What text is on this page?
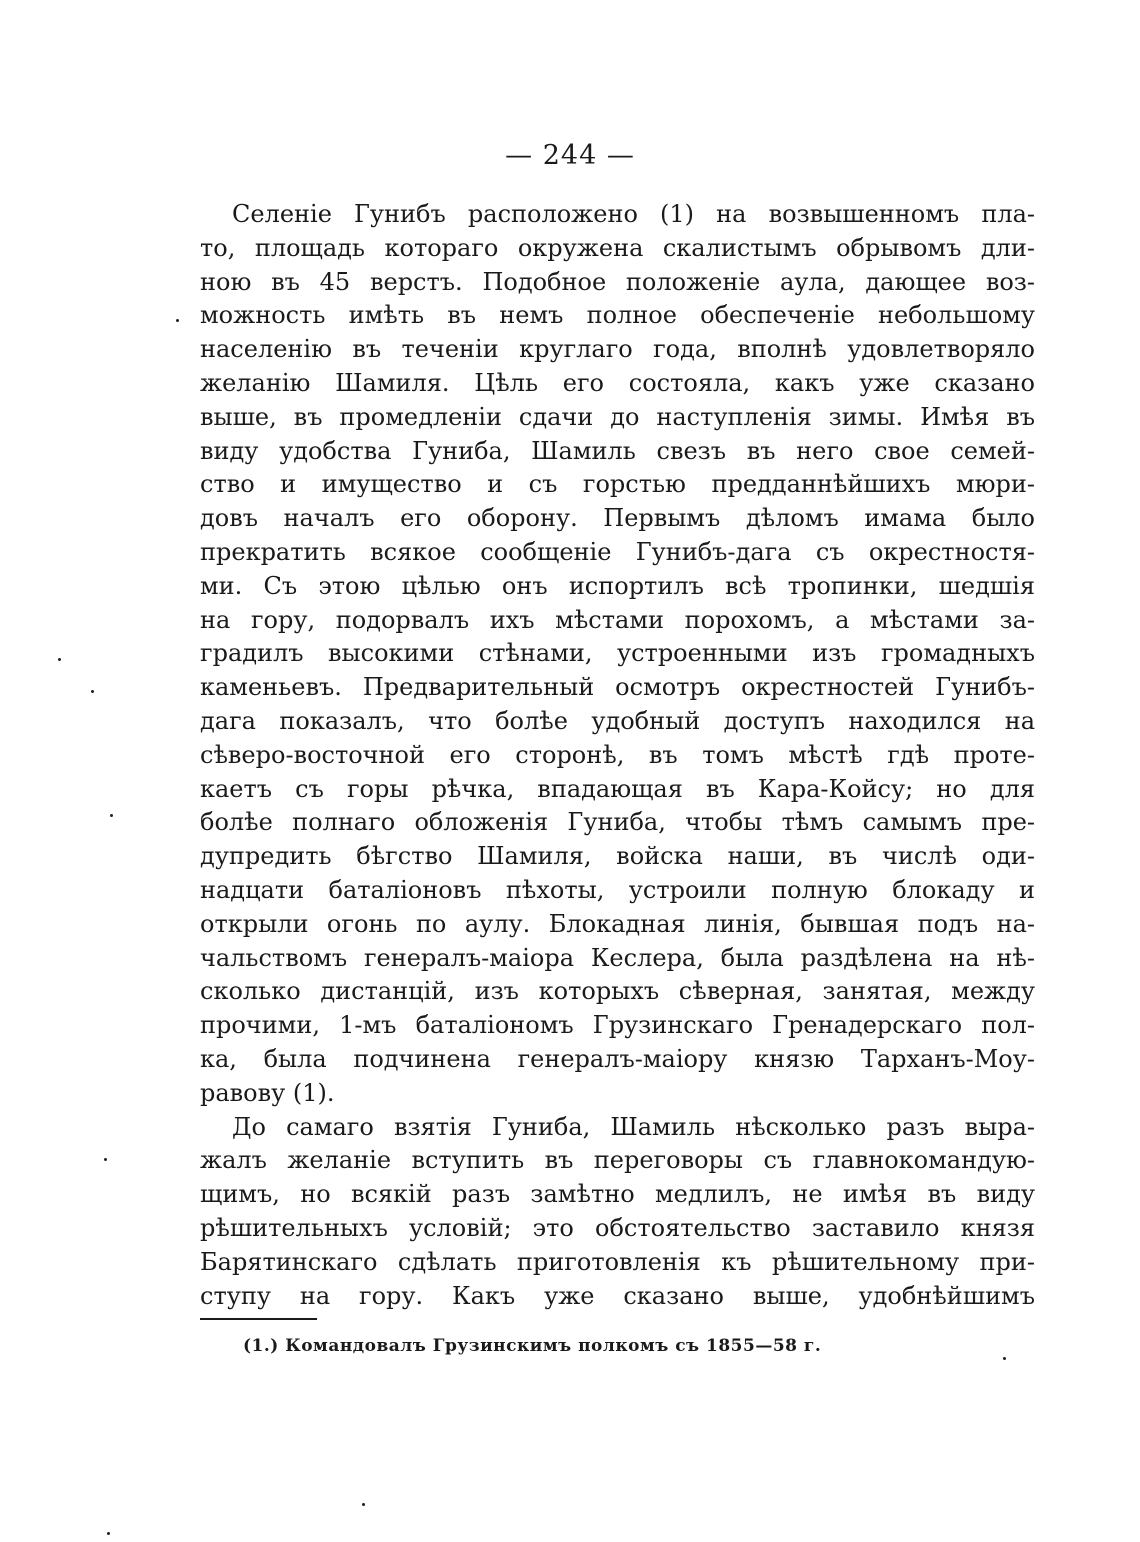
— 244 —
Селеніе Гунибъ расположено (1) на возвышенномъ пла-
то, площадь котораго окружена скалистымъ обрывомъ дли-
ною въ 45 верстъ. Подобное положеніе аула, дающее воз-
можность имѣть въ немъ полное обеспеченіе небольшому
населенію въ теченіи круглаго года, вполнѣ удовлетворяло
желанію Шамиля. Цѣль его состояла, какъ уже сказано
выше, въ промедленіи сдачи до наступленія зимы. Имѣя въ
виду удобства Гуниба, Шамиль свезъ въ него свое семей-
ство и имущество и съ горстью предданнѣйшихъ мюри-
довъ началъ его оборону. Первымъ дѣломъ имама было
прекратить всякое сообщеніе Гунибъ-дага съ окрестностя-
ми. Съ этою цѣлью онъ испортилъ всѣ тропинки, шедшія
на гору, подорвалъ ихъ мѣстами порохомъ, а мѣстами за-
градилъ высокими стѣнами, устроенными изъ громадныхъ
каменьевъ. Предварительный осмотръ окрестностей Гунибъ-
дага показалъ, что болѣе удобный доступъ находился на
сѣверо-восточной его сторонѣ, въ томъ мѣстѣ гдѣ проте-
каетъ съ горы рѣчка, впадающая въ Кара-Койсу; но для
болѣе полнаго обложенія Гуниба, чтобы тѣмъ самымъ пре-
дупредить бѣгство Шамиля, войска наши, въ числѣ оди-
надцати баталіоновъ пѣхоты, устроили полную блокаду и
открыли огонь по аулу. Блокадная линія, бывшая подъ на-
чальствомъ генералъ-маіора Кеслера, была раздѣлена на нѣ-
сколько дистанцій, изъ которыхъ сѣверная, занятая, между
прочими, 1-мъ баталіономъ Грузинскаго Гренадерскаго пол-
ка, была подчинена генералъ-маіору князю Тарханъ-Моу-
равову (1).
До самаго взятія Гуниба, Шамиль нѣсколько разъ выра-
жалъ желаніе вступить въ переговоры съ главнокомандую-
щимъ, но всякій разъ замѣтно медлилъ, не имѣя въ виду
рѣшительныхъ условій; это обстоятельство заставило князя
Барятинскаго сдѣлать приготовленія къ рѣшительному при-
ступу на гору. Какъ уже сказано выше, удобнѣйшимъ
(1.) Командовалъ Грузинскимъ полкомъ съ 1855—58 г.
